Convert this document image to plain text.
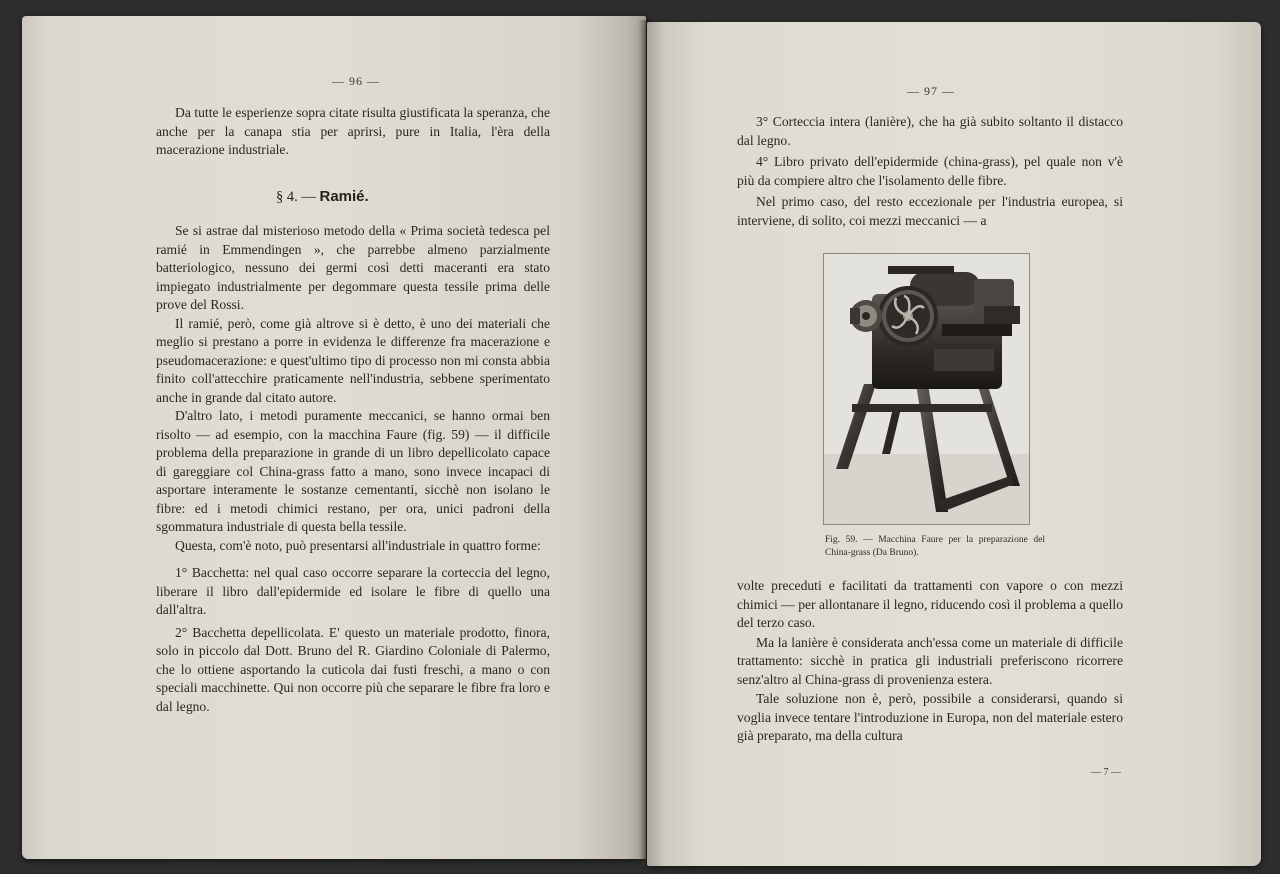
— 96 —

Da tutte le esperienze sopra citate risulta giustificata la speranza, che anche per la canapa stia per aprirsi, pure in Italia, l'èra della macerazione industriale.

§ 4. — Ramié.

Se si astrae dal misterioso metodo della « Prima società tedesca pel ramié in Emmendingen », che parrebbe almeno parzialmente batteriologico, nessuno dei germi così detti maceranti era stato impiegato industrialmente per degommare questa tessile prima delle prove del Rossi.

Il ramié, però, come già altrove si è detto, è uno dei materiali che meglio si prestano a porre in evidenza le differenze fra macerazione e pseudomacerazione: e quest'ultimo tipo di processo non mi consta abbia finito coll'attecchire praticamente nell'industria, sebbene sperimentato anche in grande dal citato autore.

D'altro lato, i metodi puramente meccanici, se hanno ormai ben risolto — ad esempio, con la macchina Faure (fig. 59) — il difficile problema della preparazione in grande di un libro depellicolato capace di gareggiare col China-grass fatto a mano, sono invece incapaci di asportare interamente le sostanze cementanti, sicchè non isolano le fibre: ed i metodi chimici restano, per ora, unici padroni della sgommatura industriale di questa bella tessile.

Questa, com'è noto, può presentarsi all'industriale in quattro forme:

1° Bacchetta: nel qual caso occorre separare la corteccia del legno, liberare il libro dall'epidermide ed isolare le fibre di quello una dall'altra.

2° Bacchetta depellicolata. E' questo un materiale prodotto, finora, solo in piccolo dal Dott. Bruno del R. Giardino Coloniale di Palermo, che lo ottiene asportando la cuticola dai fusti freschi, a mano o con speciali macchinette. Qui non occorre più che separare le fibre fra loro e dal legno.

— 97 —

3° Corteccia intera (lanière), che ha già subito soltanto il distacco dal legno.

4° Libro privato dell'epidermide (china-grass), pel quale non v'è più da compiere altro che l'isolamento delle fibre.

Nel primo caso, del resto eccezionale per l'industria europea, si interviene, di solito, coi mezzi meccanici — a

Fig. 59. — Macchina Faure per la preparazione del China-grass (Da Bruno).

volte preceduti e facilitati da trattamenti con vapore o con mezzi chimici — per allontanare il legno, riducendo così il problema a quello del terzo caso.

Ma la lanière è considerata anch'essa come un materiale di difficile trattamento: sicchè in pratica gli industriali preferiscono ricorrere senz'altro al China-grass di provenienza estera.

Tale soluzione non è, però, possibile a considerarsi, quando si voglia invece tentare l'introduzione in Europa, non del materiale estero già preparato, ma della cultura

— 7 —
